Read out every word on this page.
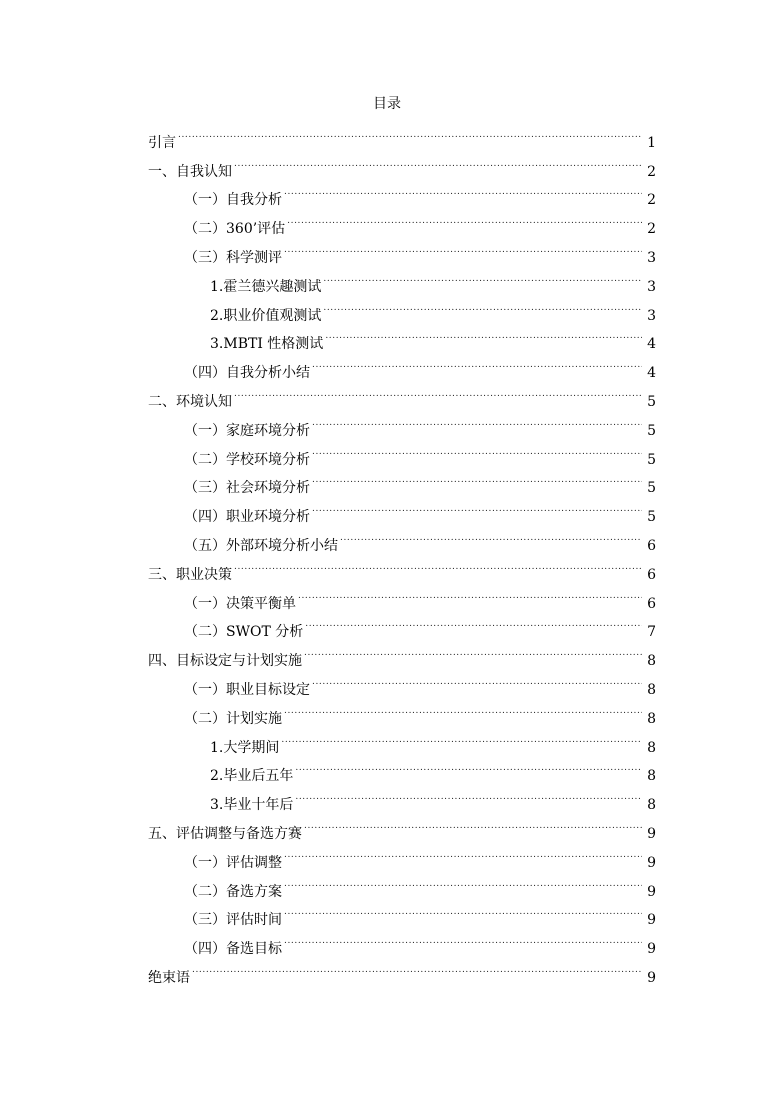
目录
引言 .....	1
一、自我认知 .....	2
（一）自我分析 .....	2
（二）360’评估 .....	2
（三）科学测评 .....	3
1.霍兰德兴趣测试 .....	3
2.职业价值观测试 .....	3
3.MBTI 性格测试 .....	4
（四）自我分析小结 .....	4
二、环境认知 .....	5
（一）家庭环境分析 .....	5
（二）学校环境分析 .....	5
（三）社会环境分析 .....	5
（四）职业环境分析 .....	5
（五）外部环境分析小结 .....	6
三、职业决策 .....	6
（一）决策平衡单 .....	6
（二）SWOT 分析 .....	7
四、目标设定与计划实施 .....	8
（一）职业目标设定 .....	8
（二）计划实施 .....	8
1.大学期间 .....	8
2.毕业后五年 .....	8
3.毕业十年后 .....	8
五、评估调整与备选方赛 .....	9
（一）评估调整 .....	9
（二）备选方案 .....	9
（三）评估时间 .....	9
（四）备选目标 .....	9
绝束语 .....	9
